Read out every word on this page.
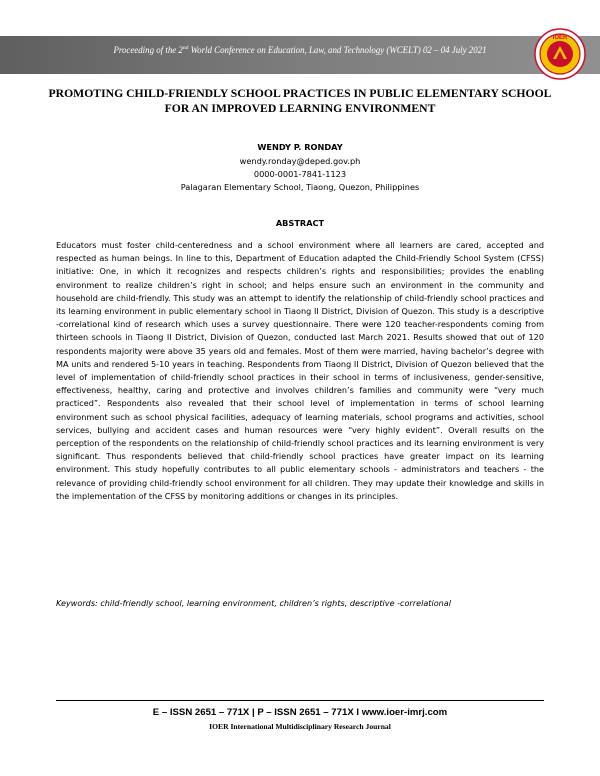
Proceeding of the 2nd World Conference on Education, Law, and Technology (WCELT) 02 – 04 July 2021
IOER
PROMOTING CHILD-FRIENDLY SCHOOL PRACTICES IN PUBLIC ELEMENTARY SCHOOL FOR AN IMPROVED LEARNING ENVIRONMENT
WENDY P. RONDAY
wendy.ronday@deped.gov.ph
0000-0001-7841-1123
Palagaran Elementary School, Tiaong, Quezon, Philippines
ABSTRACT

Educators must foster child-centeredness and a school environment where all learners are cared, accepted and respected as human beings. In line to this, Department of Education adapted the Child-Friendly School System (CFSS) initiative: One, in which it recognizes and respects children’s rights and responsibilities; provides the enabling environment to realize children’s right in school; and helps ensure such an environment in the community and household are child-friendly. This study was an attempt to identify the relationship of child-friendly school practices and its learning environment in public elementary school in Tiaong II District, Division of Quezon. This study is a descriptive -correlational kind of research which uses a survey questionnaire. There were 120 teacher-respondents coming from thirteen schools in Tiaong II District, Division of Quezon, conducted last March 2021. Results showed that out of 120 respondents majority were above 35 years old and females. Most of them were married, having bachelor’s degree with MA units and rendered 5-10 years in teaching. Respondents from Tiaong II District, Division of Quezon believed that the level of implementation of child-friendly school practices in their school in terms of inclusiveness, gender-sensitive, effectiveness, healthy, caring and protective and involves children’s families and community were “very much practiced”. Respondents also revealed that their school level of implementation in terms of school learning environment such as school physical facilities, adequacy of learning materials, school programs and activities, school services, bullying and accident cases and human resources were “very highly evident”. Overall results on the perception of the respondents on the relationship of child-friendly school practices and its learning environment is very significant. Thus respondents believed that child-friendly school practices have greater impact on its learning environment. This study hopefully contributes to all public elementary schools - administrators and teachers - the relevance of providing child-friendly school environment for all children. They may update their knowledge and skills in the implementation of the CFSS by monitoring additions or changes in its principles.

Keywords: child-friendly school, learning environment, children’s rights, descriptive -correlational

E – ISSN 2651 – 771X | P – ISSN 2651 – 771X l www.ioer-imrj.com
IOER International Multidisciplinary Research Journal
